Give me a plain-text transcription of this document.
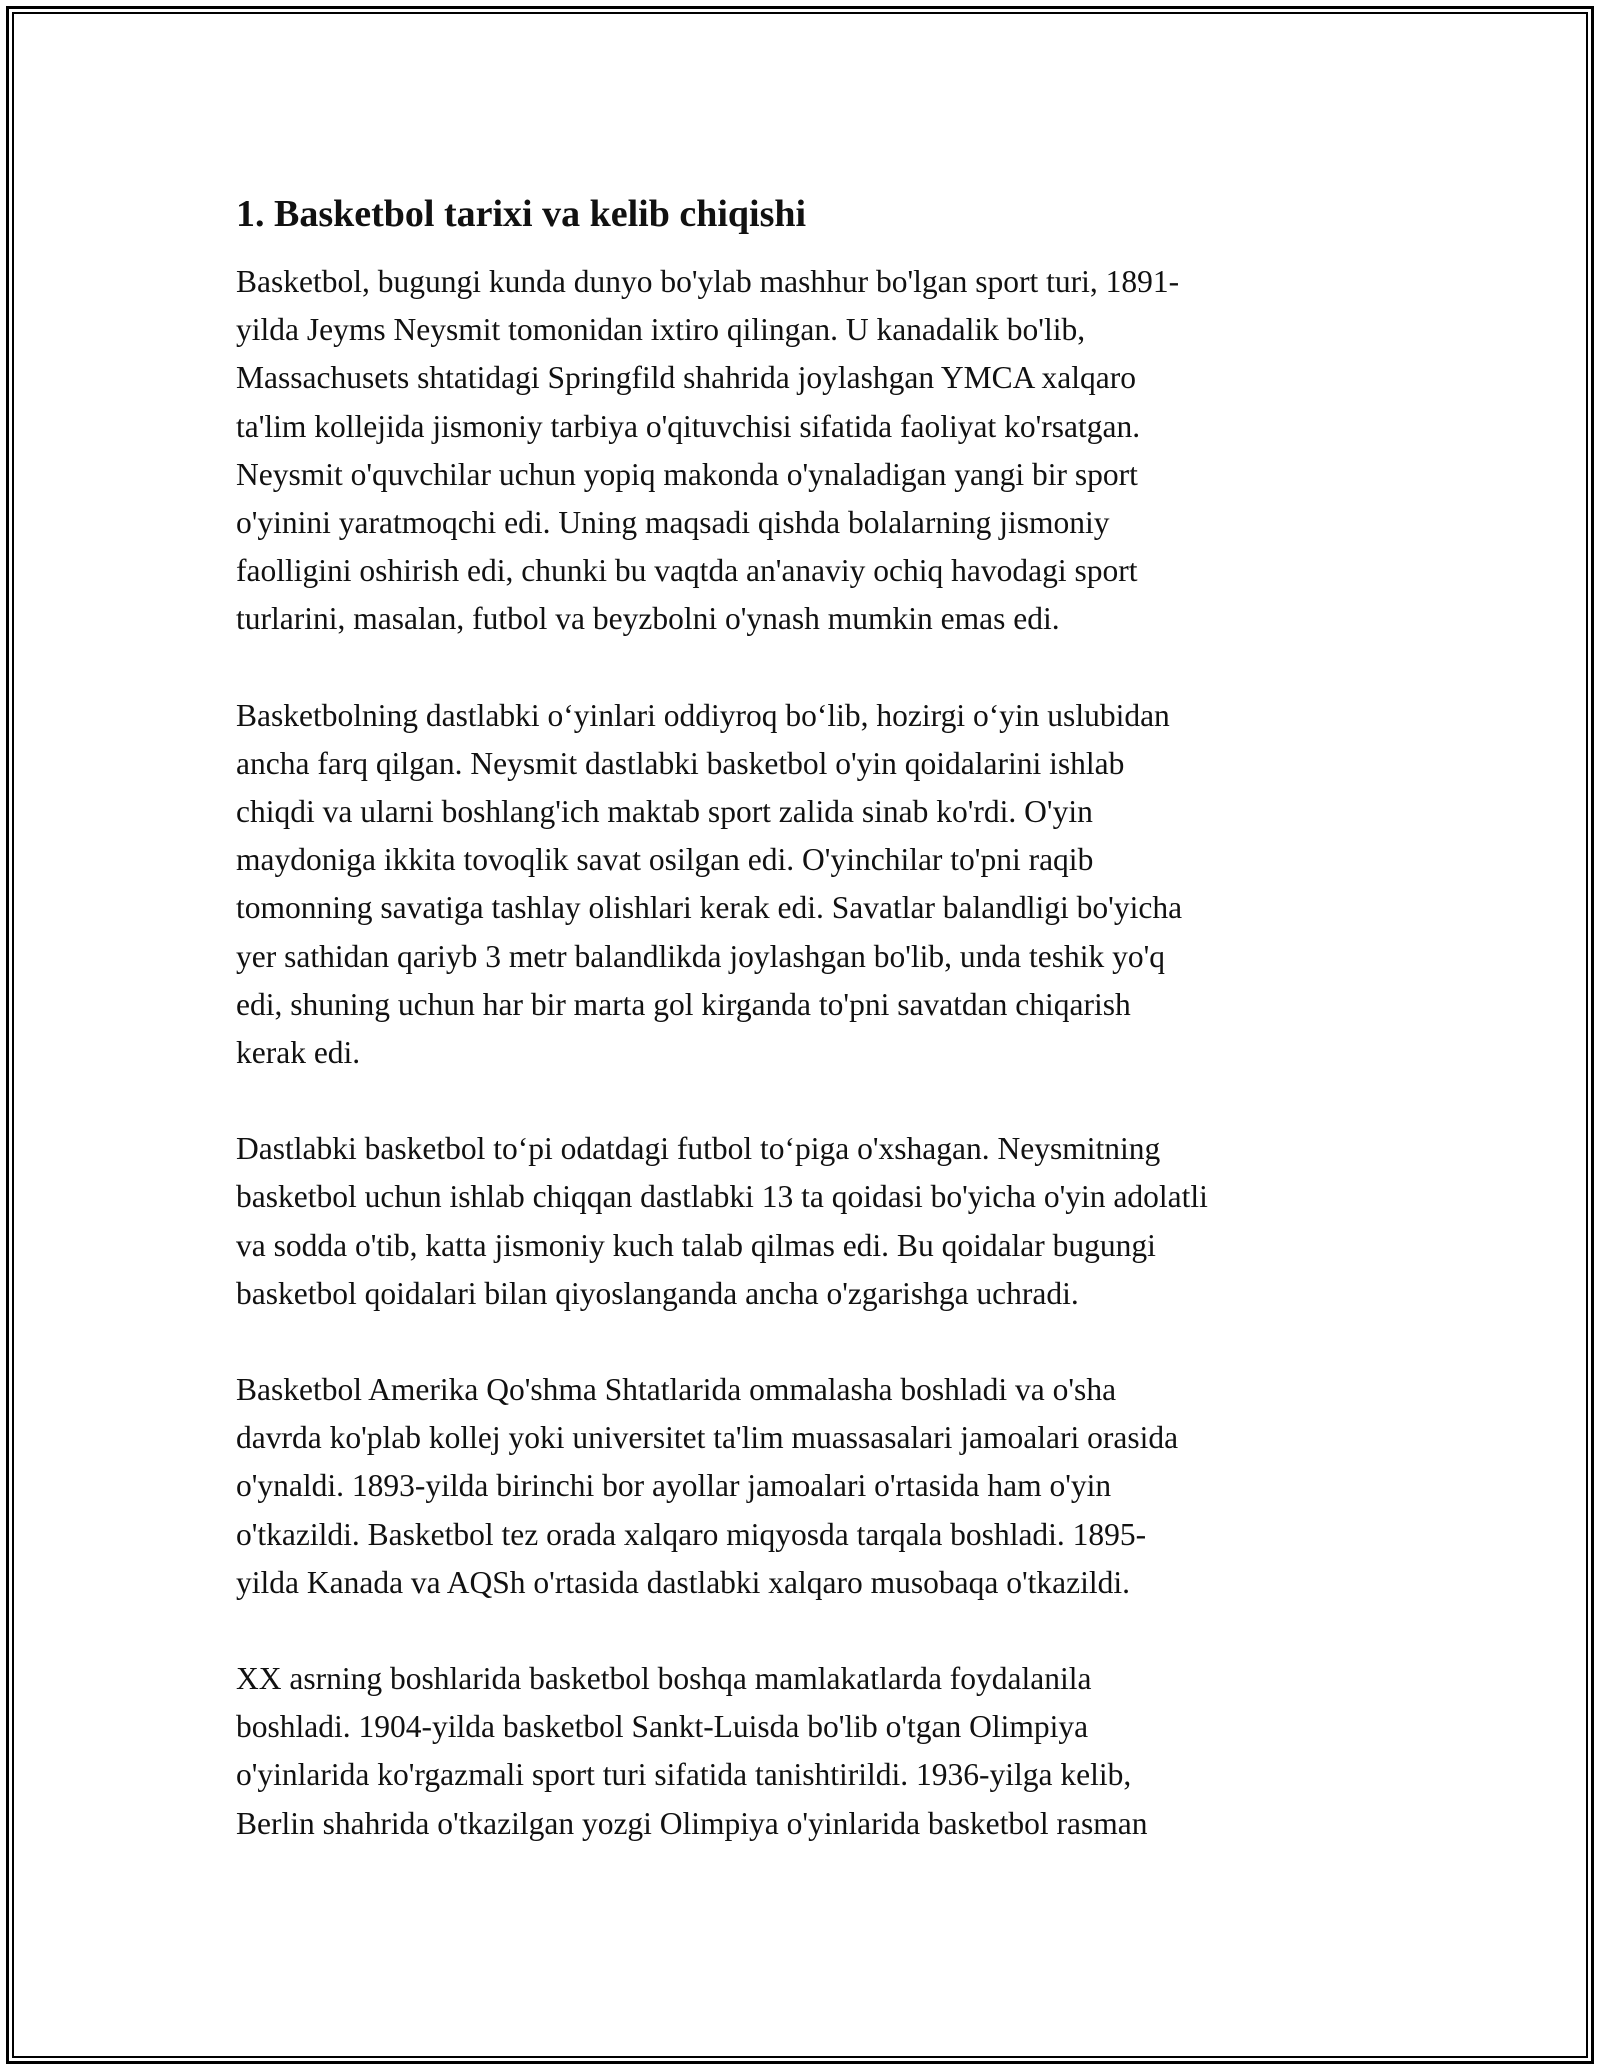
1. Basketbol tarixi va kelib chiqishi
Basketbol, bugungi kunda dunyo bo'ylab mashhur bo'lgan sport turi, 1891-
yilda Jeyms Neysmit tomonidan ixtiro qilingan. U kanadalik bo'lib,
Massachusets shtatidagi Springfild shahrida joylashgan YMCA xalqaro
ta'lim kollejida jismoniy tarbiya o'qituvchisi sifatida faoliyat ko'rsatgan.
Neysmit o'quvchilar uchun yopiq makonda o'ynaladigan yangi bir sport
o'yinini yaratmoqchi edi. Uning maqsadi qishda bolalarning jismoniy
faolligini oshirish edi, chunki bu vaqtda an'anaviy ochiq havodagi sport
turlarini, masalan, futbol va beyzbolni o'ynash mumkin emas edi.
Basketbolning dastlabki o‘yinlari oddiyroq bo‘lib, hozirgi o‘yin uslubidan
ancha farq qilgan. Neysmit dastlabki basketbol o'yin qoidalarini ishlab
chiqdi va ularni boshlang'ich maktab sport zalida sinab ko'rdi. O'yin
maydoniga ikkita tovoqlik savat osilgan edi. O'yinchilar to'pni raqib
tomonning savatiga tashlay olishlari kerak edi. Savatlar balandligi bo'yicha
yer sathidan qariyb 3 metr balandlikda joylashgan bo'lib, unda teshik yo'q
edi, shuning uchun har bir marta gol kirganda to'pni savatdan chiqarish
kerak edi.
Dastlabki basketbol to‘pi odatdagi futbol to‘piga o'xshagan. Neysmitning
basketbol uchun ishlab chiqqan dastlabki 13 ta qoidasi bo'yicha o'yin adolatli
va sodda o'tib, katta jismoniy kuch talab qilmas edi. Bu qoidalar bugungi
basketbol qoidalari bilan qiyoslanganda ancha o'zgarishga uchradi.
Basketbol Amerika Qo'shma Shtatlarida ommalasha boshladi va o'sha
davrda ko'plab kollej yoki universitet ta'lim muassasalari jamoalari orasida
o'ynaldi. 1893-yilda birinchi bor ayollar jamoalari o'rtasida ham o'yin
o'tkazildi. Basketbol tez orada xalqaro miqyosda tarqala boshladi. 1895-
yilda Kanada va AQSh o'rtasida dastlabki xalqaro musobaqa o'tkazildi.
XX asrning boshlarida basketbol boshqa mamlakatlarda foydalanila
boshladi. 1904-yilda basketbol Sankt-Luisda bo'lib o'tgan Olimpiya
o'yinlarida ko'rgazmali sport turi sifatida tanishtirildi. 1936-yilga kelib,
Berlin shahrida o'tkazilgan yozgi Olimpiya o'yinlarida basketbol rasman
